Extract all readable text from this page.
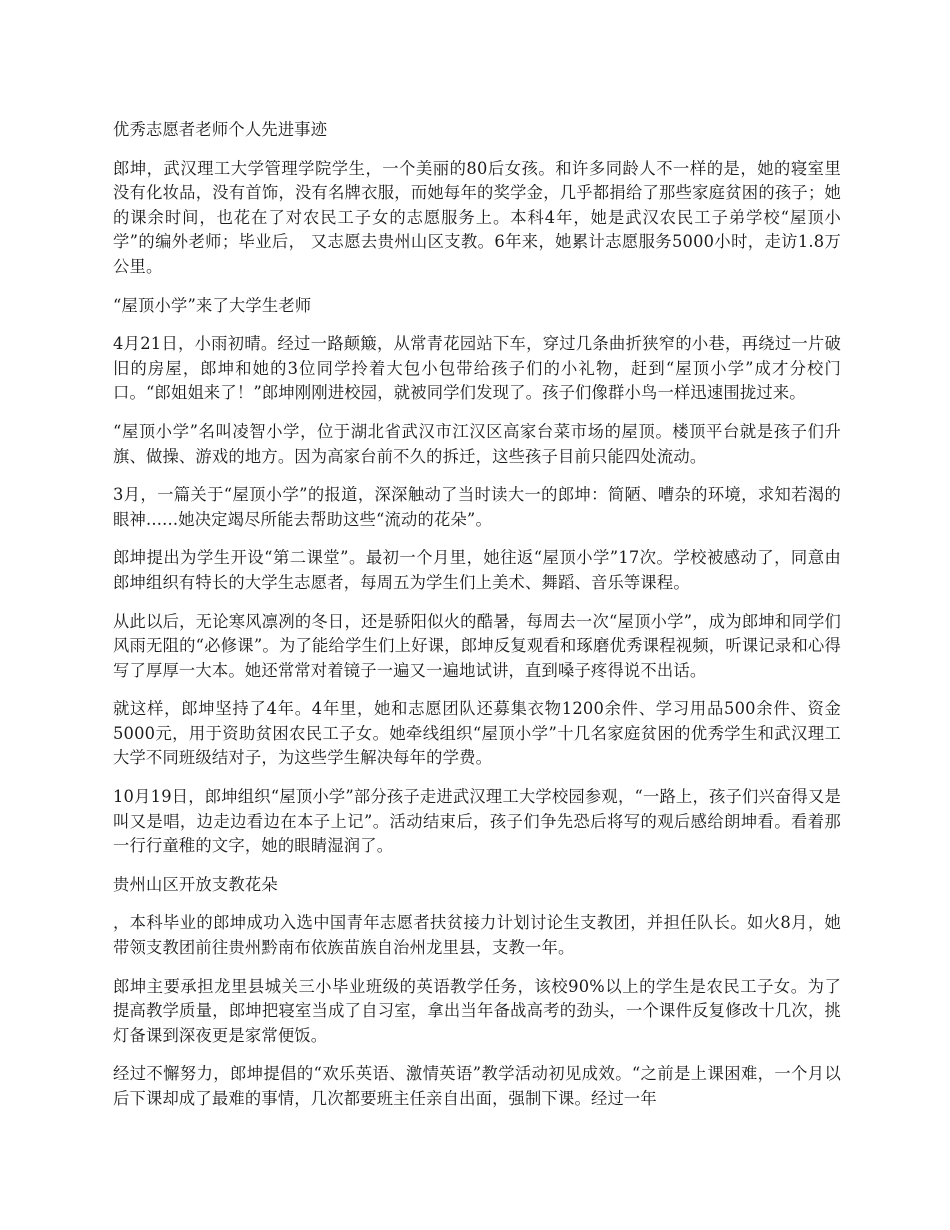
优秀志愿者老师个人先进事迹

郎坤，武汉理工大学管理学院学生，一个美丽的80后女孩。和许多同龄人不一样的是，她的寝室里没有化妆品，没有首饰，没有名牌衣服，而她每年的奖学金，几乎都捐给了那些家庭贫困的孩子；她的课余时间，也花在了对农民工子女的志愿服务上。本科4年，她是武汉农民工子弟学校“屋顶小学”的编外老师；毕业后， 又志愿去贵州山区支教。6年来，她累计志愿服务5000小时，走访1.8万公里。

“屋顶小学”来了大学生老师

4月21日，小雨初晴。经过一路颠簸，从常青花园站下车，穿过几条曲折狭窄的小巷，再绕过一片破旧的房屋，郎坤和她的3位同学拎着大包小包带给孩子们的小礼物，赶到“屋顶小学”成才分校门口。“郎姐姐来了！”郎坤刚刚进校园，就被同学们发现了。孩子们像群小鸟一样迅速围拢过来。

“屋顶小学”名叫凌智小学，位于湖北省武汉市江汉区高家台菜市场的屋顶。楼顶平台就是孩子们升旗、做操、游戏的地方。因为高家台前不久的拆迁，这些孩子目前只能四处流动。

3月，一篇关于“屋顶小学”的报道，深深触动了当时读大一的郎坤：简陋、嘈杂的环境，求知若渴的眼神......她决定竭尽所能去帮助这些“流动的花朵”。

郎坤提出为学生开设“第二课堂”。最初一个月里，她往返“屋顶小学”17次。学校被感动了，同意由郎坤组织有特长的大学生志愿者，每周五为学生们上美术、舞蹈、音乐等课程。

从此以后，无论寒风凛冽的冬日，还是骄阳似火的酷暑，每周去一次“屋顶小学”，成为郎坤和同学们风雨无阻的“必修课”。为了能给学生们上好课，郎坤反复观看和琢磨优秀课程视频，听课记录和心得写了厚厚一大本。她还常常对着镜子一遍又一遍地试讲，直到嗓子疼得说不出话。

就这样，郎坤坚持了4年。4年里，她和志愿团队还募集衣物1200余件、学习用品500余件、资金5000元，用于资助贫困农民工子女。她牵线组织“屋顶小学”十几名家庭贫困的优秀学生和武汉理工大学不同班级结对子，为这些学生解决每年的学费。

10月19日，郎坤组织“屋顶小学”部分孩子走进武汉理工大学校园参观，“一路上，孩子们兴奋得又是叫又是唱，边走边看边在本子上记”。活动结束后，孩子们争先恐后将写的观后感给朗坤看。看着那一行行童稚的文字，她的眼睛湿润了。

贵州山区开放支教花朵

，本科毕业的郎坤成功入选中国青年志愿者扶贫接力计划讨论生支教团，并担任队长。如火8月，她带领支教团前往贵州黔南布依族苗族自治州龙里县，支教一年。

郎坤主要承担龙里县城关三小毕业班级的英语教学任务，该校90%以上的学生是农民工子女。为了提高教学质量，郎坤把寝室当成了自习室，拿出当年备战高考的劲头，一个课件反复修改十几次，挑灯备课到深夜更是家常便饭。

经过不懈努力，郎坤提倡的“欢乐英语、激情英语”教学活动初见成效。“之前是上课困难，一个月以后下课却成了最难的事情，几次都要班主任亲自出面，强制下课。经过一年
